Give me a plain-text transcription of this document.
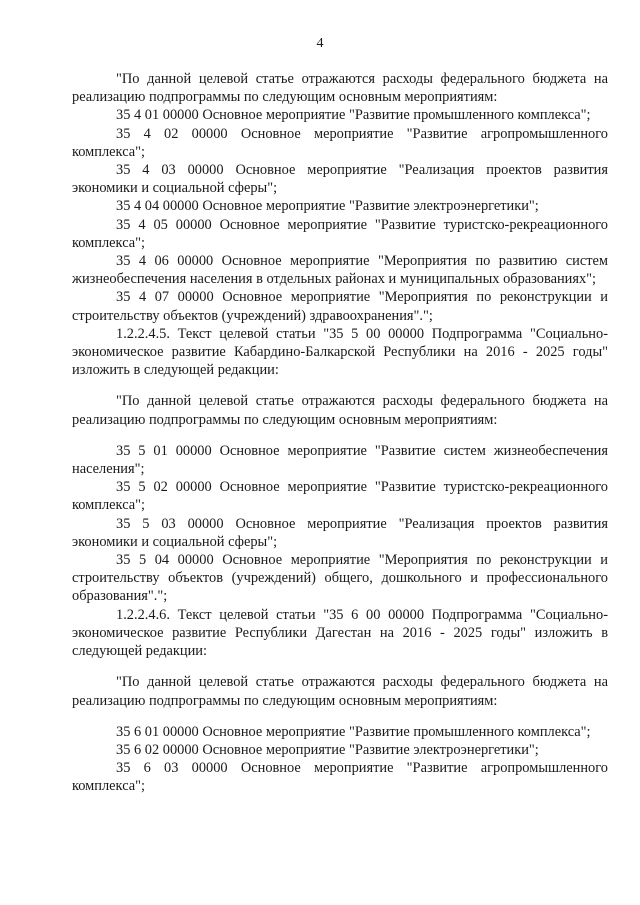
4

"По данной целевой статье отражаются расходы федерального бюджета на реализацию подпрограммы по следующим основным мероприятиям:

35 4 01 00000 Основное мероприятие "Развитие промышленного комплекса";

35 4 02 00000 Основное мероприятие "Развитие агропромышленного комплекса";

35 4 03 00000 Основное мероприятие "Реализация проектов развития экономики и социальной сферы";

35 4 04 00000 Основное мероприятие "Развитие электроэнергетики";

35 4 05 00000 Основное мероприятие "Развитие туристско-рекреационного комплекса";

35 4 06 00000 Основное мероприятие "Мероприятия по развитию систем жизнеобеспечения населения в отдельных районах и муниципальных образованиях";

35 4 07 00000 Основное мероприятие "Мероприятия по реконструкции и строительству объектов (учреждений) здравоохранения".";

1.2.2.4.5. Текст целевой статьи "35 5 00 00000 Подпрограмма "Социально-экономическое развитие Кабардино-Балкарской Республики на 2016 - 2025 годы" изложить в следующей редакции:

"По данной целевой статье отражаются расходы федерального бюджета на реализацию подпрограммы по следующим основным мероприятиям:

35 5 01 00000 Основное мероприятие "Развитие систем жизнеобеспечения населения";

35 5 02 00000 Основное мероприятие "Развитие туристско-рекреационного комплекса";

35 5 03 00000 Основное мероприятие "Реализация проектов развития экономики и социальной сферы";

35 5 04 00000 Основное мероприятие "Мероприятия по реконструкции и строительству объектов (учреждений) общего, дошкольного и профессионального образования".";

1.2.2.4.6. Текст целевой статьи "35 6 00 00000 Подпрограмма "Социально-экономическое развитие Республики Дагестан на 2016 - 2025 годы" изложить в следующей редакции:

"По данной целевой статье отражаются расходы федерального бюджета на реализацию подпрограммы по следующим основным мероприятиям:

35 6 01 00000 Основное мероприятие "Развитие промышленного комплекса";

35 6 02 00000 Основное мероприятие "Развитие электроэнергетики";

35 6 03 00000 Основное мероприятие "Развитие агропромышленного комплекса";
